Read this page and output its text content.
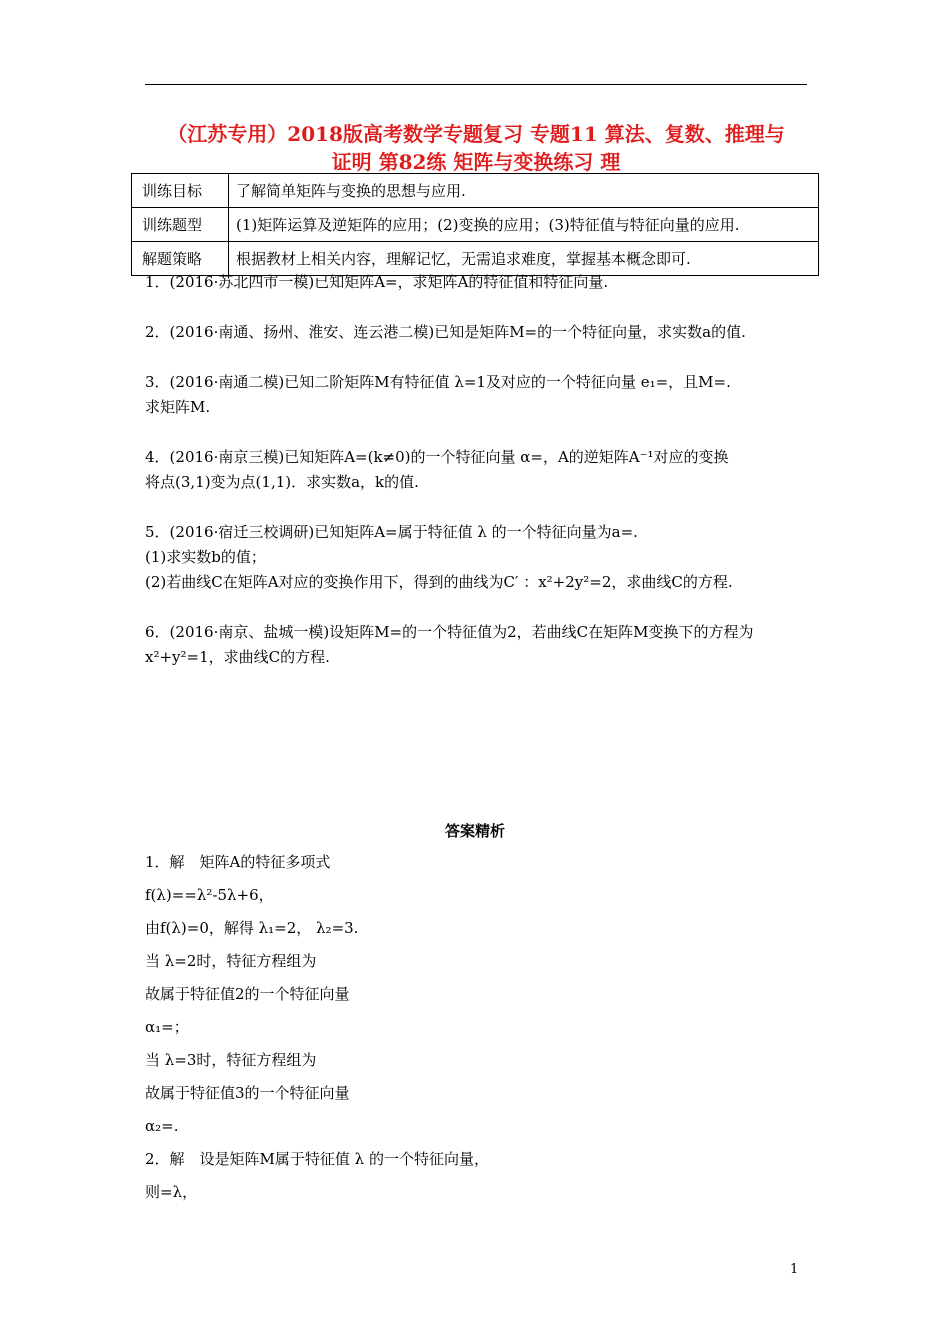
（江苏专用）2018版高考数学专题复习 专题11 算法、复数、推理与
证明 第82练 矩阵与变换练习 理
训练目标	了解简单矩阵与变换的思想与应用.
训练题型	(1)矩阵运算及逆矩阵的应用；(2)变换的应用；(3)特征值与特征向量的应用.
解题策略	根据教材上相关内容，理解记忆，无需追求难度，掌握基本概念即可.
1．(2016·苏北四市一模)已知矩阵A=，求矩阵A的特征值和特征向量.
2．(2016·南通、扬州、淮安、连云港二模)已知是矩阵M=的一个特征向量，求实数a的值.
3．(2016·南通二模)已知二阶矩阵M有特征值 λ=1及对应的一个特征向量 e₁=，且M=.
求矩阵M.
4．(2016·南京三模)已知矩阵A=(k≠0)的一个特征向量 α=，A的逆矩阵A⁻¹对应的变换
将点(3,1)变为点(1,1)．求实数a，k的值.
5．(2016·宿迁三校调研)已知矩阵A=属于特征值 λ 的一个特征向量为a=.
(1)求实数b的值；
(2)若曲线C在矩阵A对应的变换作用下，得到的曲线为C′ ：x²+2y²=2，求曲线C的方程.
6．(2016·南京、盐城一模)设矩阵M=的一个特征值为2，若曲线C在矩阵M变换下的方程为
x²+y²=1，求曲线C的方程.
答案精析
1．解　矩阵A的特征多项式
f(λ)==λ²-5λ+6，
由f(λ)=0，解得 λ₁=2， λ₂=3.
当 λ=2时，特征方程组为
故属于特征值2的一个特征向量
α₁=；
当 λ=3时，特征方程组为
故属于特征值3的一个特征向量
α₂=.
2．解　设是矩阵M属于特征值 λ 的一个特征向量，
则=λ，
1
